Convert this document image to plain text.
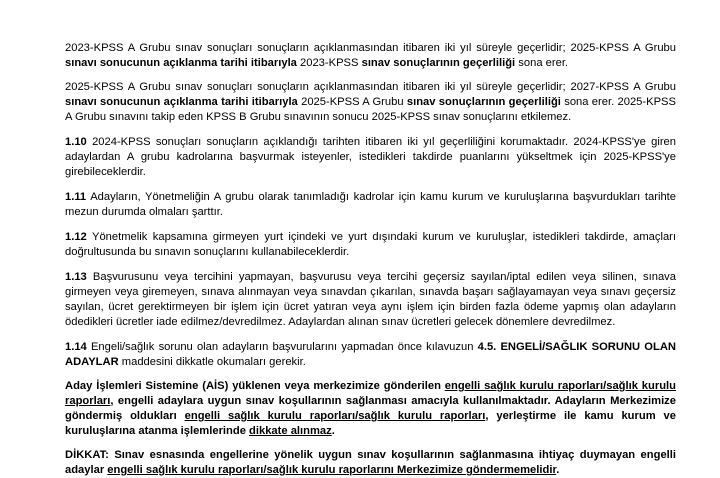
2023-KPSS A Grubu sınav sonuçları sonuçların açıklanmasından itibaren iki yıl süreyle geçerlidir; 2025-KPSS A Grubu sınavı sonucunun açıklanma tarihi itibarıyla 2023-KPSS sınav sonuçlarının geçerliliği sona erer.

2025-KPSS A Grubu sınav sonuçları sonuçların açıklanmasından itibaren iki yıl süreyle geçerlidir; 2027-KPSS A Grubu sınavı sonucunun açıklanma tarihi itibarıyla 2025-KPSS A Grubu sınav sonuçlarının geçerliliği sona erer. 2025-KPSS A Grubu sınavını takip eden KPSS B Grubu sınavının sonucu 2025-KPSS sınav sonuçlarını etkilemez.

1.10 2024-KPSS sonuçları sonuçların açıklandığı tarihten itibaren iki yıl geçerliliğini korumaktadır. 2024-KPSS'ye giren adaylardan A grubu kadrolarına başvurmak isteyenler, istedikleri takdirde puanlarını yükseltmek için 2025-KPSS'ye girebileceklerdir.

1.11 Adayların, Yönetmeliğin A grubu olarak tanımladığı kadrolar için kamu kurum ve kuruluşlarına başvurdukları tarihte mezun durumda olmaları şarttır.

1.12 Yönetmelik kapsamına girmeyen yurt içindeki ve yurt dışındaki kurum ve kuruluşlar, istedikleri takdirde, amaçları doğrultusunda bu sınavın sonuçlarını kullanabileceklerdir.

1.13 Başvurusunu veya tercihini yapmayan, başvurusu veya tercihi geçersiz sayılan/iptal edilen veya silinen, sınava girmeyen veya giremeyen, sınava alınmayan veya sınavdan çıkarılan, sınavda başarı sağlayamayan veya sınavı geçersiz sayılan, ücret gerektirmeyen bir işlem için ücret yatıran veya aynı işlem için birden fazla ödeme yapmış olan adayların ödedikleri ücretler iade edilmez/devredilmez. Adaylardan alınan sınav ücretleri gelecek dönemlere devredilmez.

1.14 Engeli/sağlık sorunu olan adayların başvurularını yapmadan önce kılavuzun 4.5. ENGELİ/SAĞLIK SORUNU OLAN ADAYLAR maddesini dikkatle okumaları gerekir.

Aday İşlemleri Sistemine (AİS) yüklenen veya merkezimize gönderilen engelli sağlık kurulu raporları/sağlık kurulu raporları, engelli adaylara uygun sınav koşullarının sağlanması amacıyla kullanılmaktadır. Adayların Merkezimize göndermiş oldukları engelli sağlık kurulu raporları/sağlık kurulu raporları, yerleştirme ile kamu kurum ve kuruluşlarına atanma işlemlerinde dikkate alınmaz.

DİKKAT: Sınav esnasında engellerine yönelik uygun sınav koşullarının sağlanmasına ihtiyaç duymayan engelli adaylar engelli sağlık kurulu raporları/sağlık kurulu raporlarını Merkezimize göndermemelidir.
